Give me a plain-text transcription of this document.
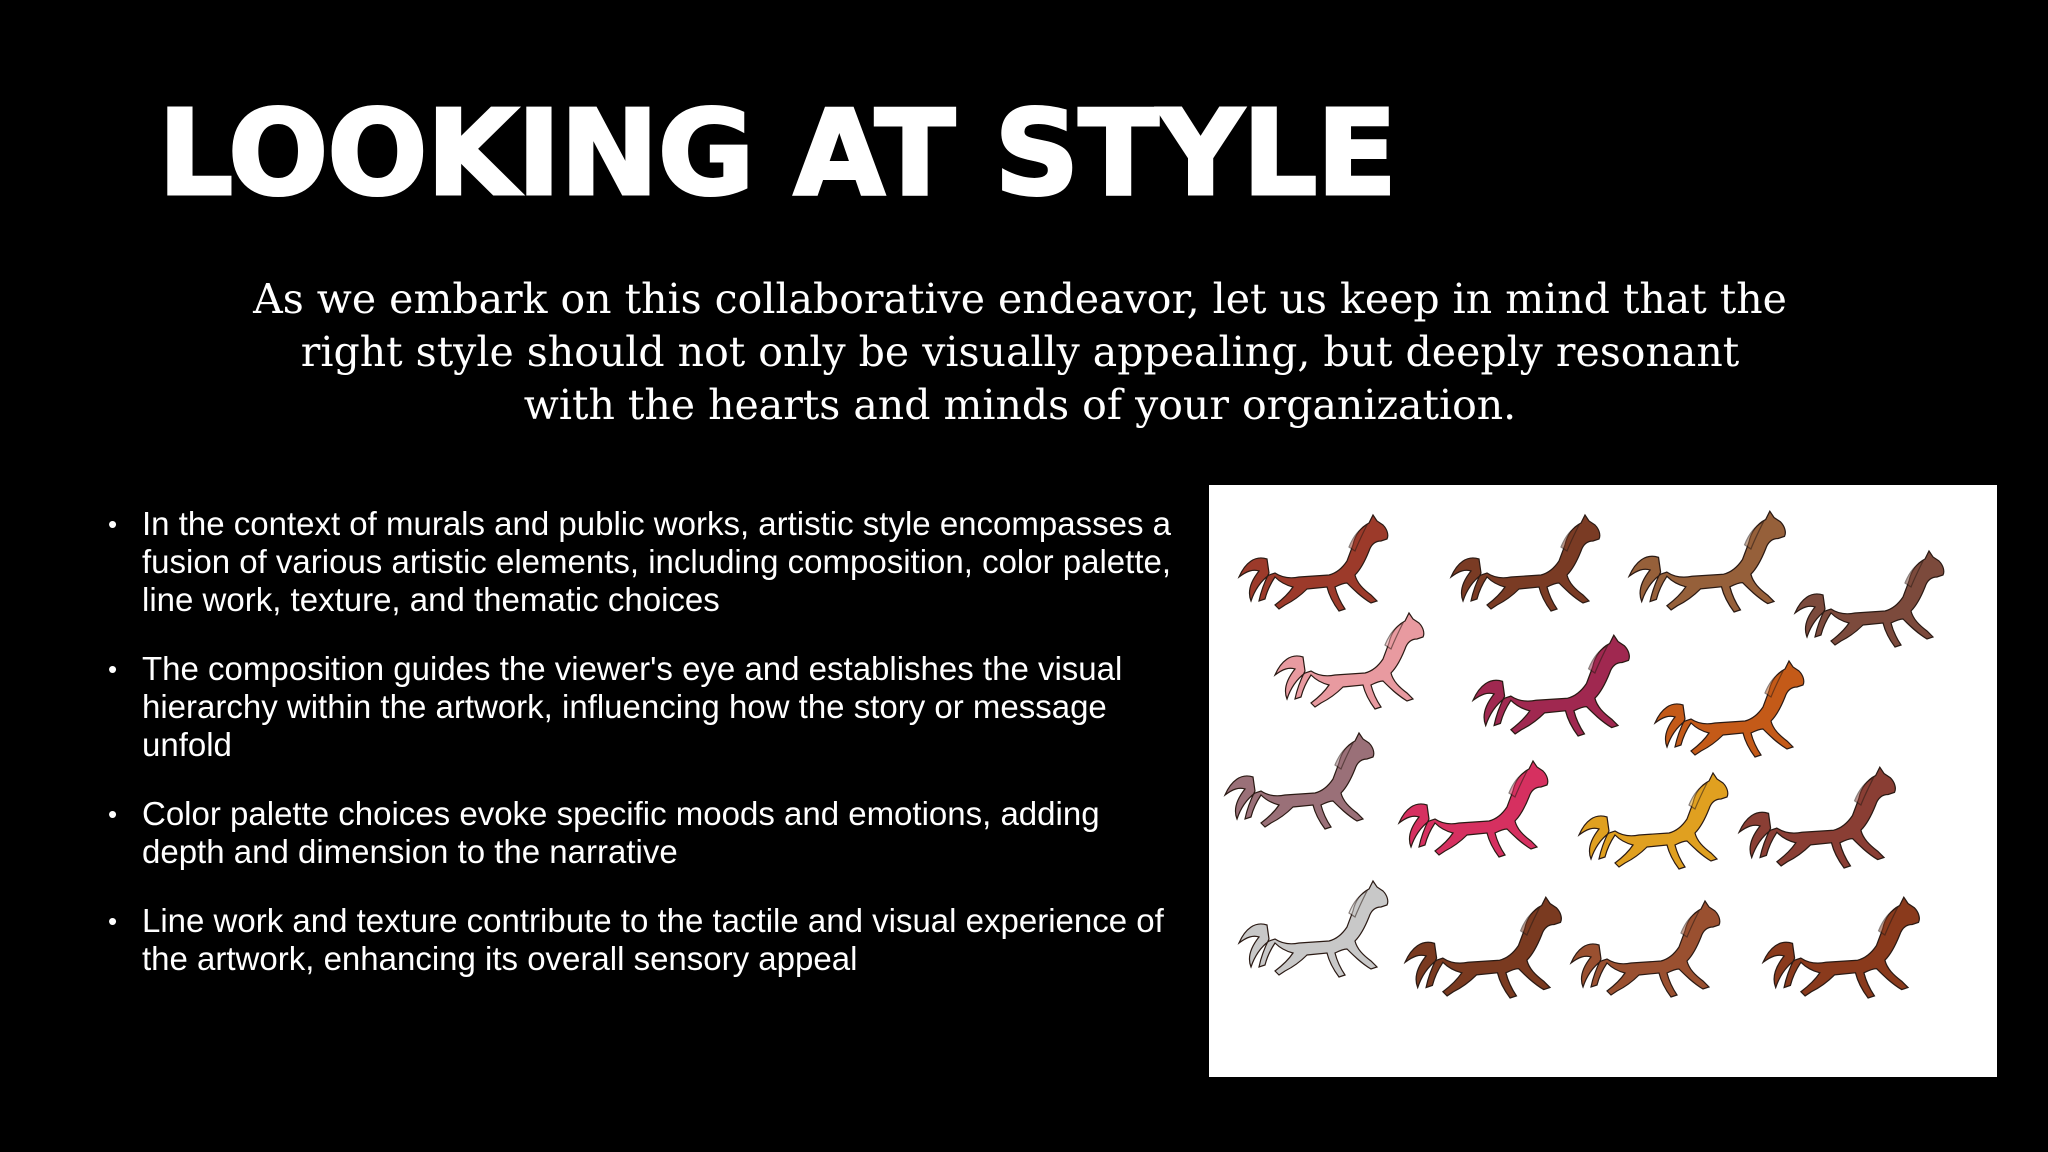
LOOKING AT STYLE

As we embark on this collaborative endeavor, let us keep in mind that the right style should not only be visually appealing, but deeply resonant with the hearts and minds of your organization.

• In the context of murals and public works, artistic style encompasses a fusion of various artistic elements, including composition, color palette, line work, texture, and thematic choices
• The composition guides the viewer's eye and establishes the visual hierarchy within the artwork, influencing how the story or message unfold
• Color palette choices evoke specific moods and emotions, adding depth and dimension to the narrative
• Line work and texture contribute to the tactile and visual experience of the artwork, enhancing its overall sensory appeal
